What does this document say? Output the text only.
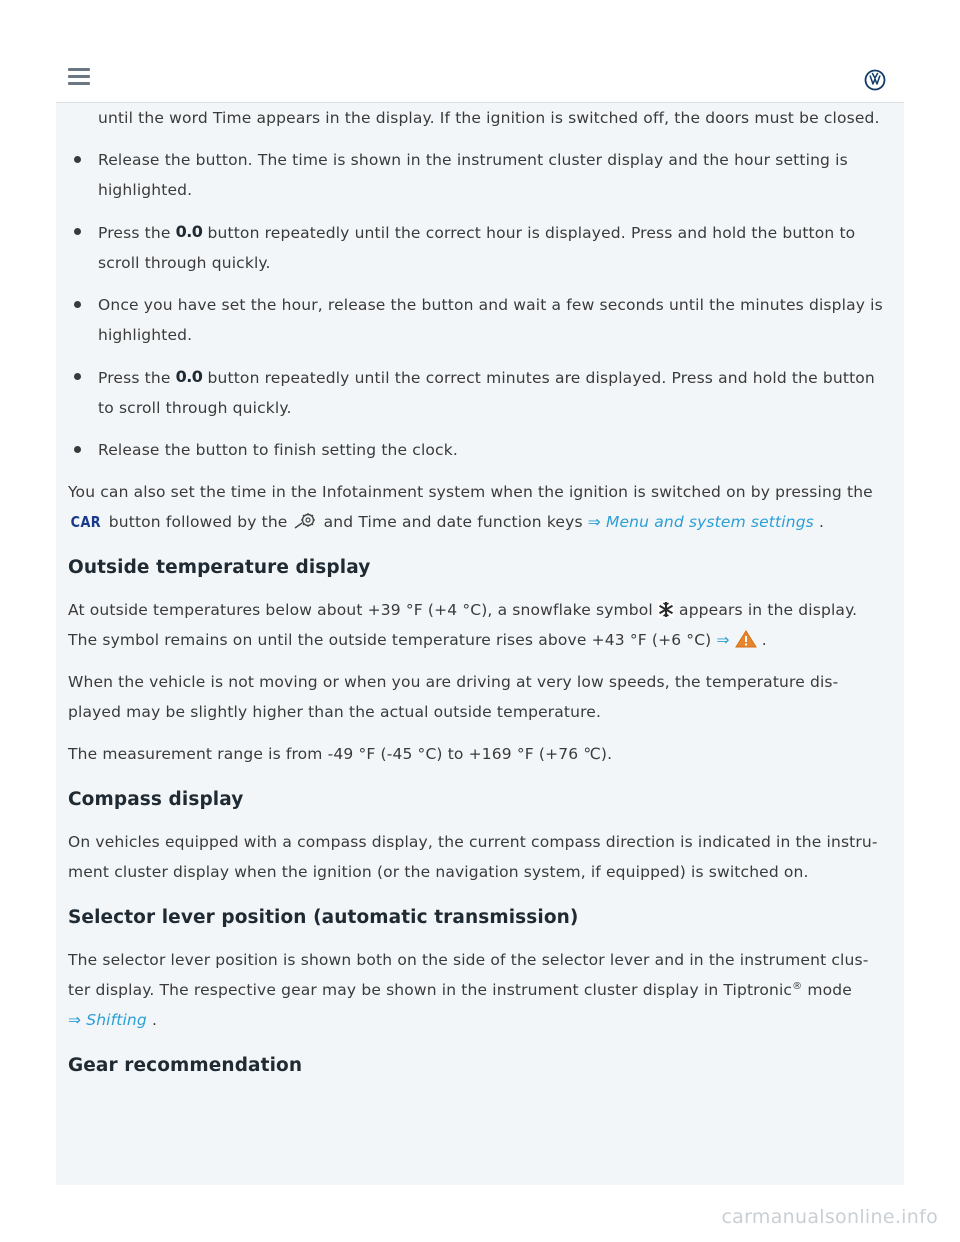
until the word Time appears in the display. If the ignition is switched off, the doors must be closed.

Release the button. The time is shown in the instrument cluster display and the hour setting is highlighted.
Press the 0.0 button repeatedly until the correct hour is displayed. Press and hold the button to scroll through quickly.
Once you have set the hour, release the button and wait a few seconds until the minutes display is highlighted.
Press the 0.0 button repeatedly until the correct minutes are displayed. Press and hold the button to scroll through quickly.
Release the button to finish setting the clock.

You can also set the time in the Infotainment system when the ignition is switched on by pressing the CAR button followed by the and Time and date function keys ⇒ Menu and system settings .

Outside temperature display

At outside temperatures below about +39 °F (+4 °C), a snowflake symbol appears in the display. The symbol remains on until the outside temperature rises above +43 °F (+6 °C) ⇒ .

When the vehicle is not moving or when you are driving at very low speeds, the temperature dis- played may be slightly higher than the actual outside temperature.

The measurement range is from -49 °F (-45 °C) to +169 °F (+76 ℃).

Compass display

On vehicles equipped with a compass display, the current compass direction is indicated in the instru- ment cluster display when the ignition (or the navigation system, if equipped) is switched on.

Selector lever position (automatic transmission)

The selector lever position is shown both on the side of the selector lever and in the instrument clus- ter display. The respective gear may be shown in the instrument cluster display in Tiptronic® mode
⇒ Shifting .

Gear recommendation
carmanualsonline.info
